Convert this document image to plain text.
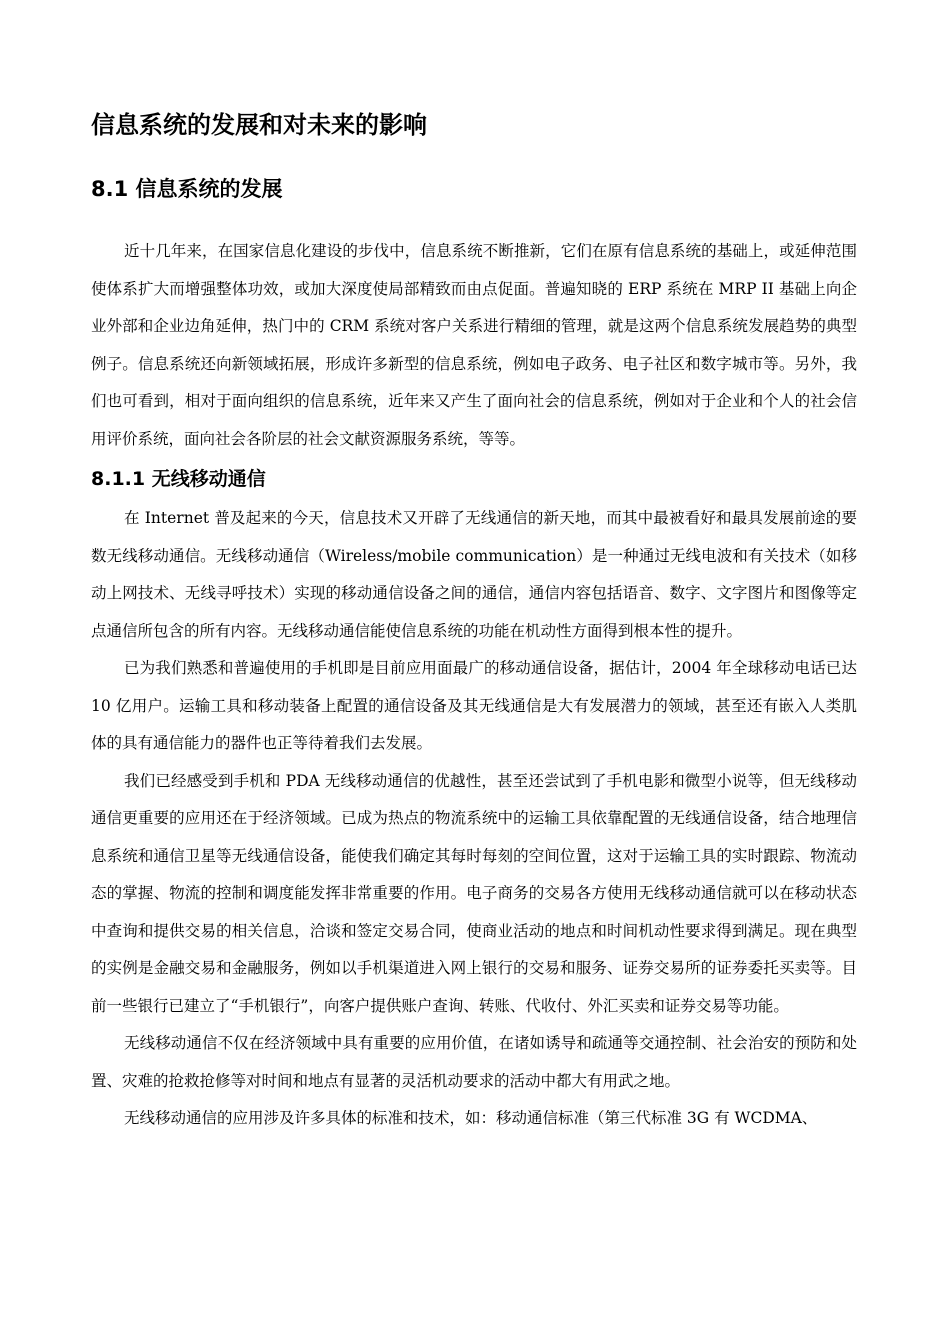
信息系统的发展和对未来的影响
8.1 信息系统的发展

近十几年来，在国家信息化建设的步伐中，信息系统不断推新，它们在原有信息系统的基础上，或延伸范围使体系扩大而增强整体功效，或加大深度使局部精致而由点促面。普遍知晓的 ERP 系统在 MRP II 基础上向企业外部和企业边角延伸，热门中的 CRM 系统对客户关系进行精细的管理，就是这两个信息系统发展趋势的典型例子。信息系统还向新领域拓展，形成许多新型的信息系统，例如电子政务、电子社区和数字城市等。另外，我们也可看到，相对于面向组织的信息系统，近年来又产生了面向社会的信息系统，例如对于企业和个人的社会信用评价系统，面向社会各阶层的社会文献资源服务系统，等等。

8.1.1 无线移动通信

在 Internet 普及起来的今天，信息技术又开辟了无线通信的新天地，而其中最被看好和最具发展前途的要数无线移动通信。无线移动通信（Wireless/mobile communication）是一种通过无线电波和有关技术（如移动上网技术、无线寻呼技术）实现的移动通信设备之间的通信，通信内容包括语音、数字、文字图片和图像等定点通信所包含的所有内容。无线移动通信能使信息系统的功能在机动性方面得到根本性的提升。

已为我们熟悉和普遍使用的手机即是目前应用面最广的移动通信设备，据估计，2004 年全球移动电话已达 10 亿用户。运输工具和移动装备上配置的通信设备及其无线通信是大有发展潜力的领域，甚至还有嵌入人类肌体的具有通信能力的器件也正等待着我们去发展。

我们已经感受到手机和 PDA 无线移动通信的优越性，甚至还尝试到了手机电影和微型小说等，但无线移动通信更重要的应用还在于经济领域。已成为热点的物流系统中的运输工具依靠配置的无线通信设备，结合地理信息系统和通信卫星等无线通信设备，能使我们确定其每时每刻的空间位置，这对于运输工具的实时跟踪、物流动态的掌握、物流的控制和调度能发挥非常重要的作用。电子商务的交易各方使用无线移动通信就可以在移动状态中查询和提供交易的相关信息，洽谈和签定交易合同，使商业活动的地点和时间机动性要求得到满足。现在典型的实例是金融交易和金融服务，例如以手机渠道进入网上银行的交易和服务、证券交易所的证券委托买卖等。目前一些银行已建立了“手机银行”，向客户提供账户查询、转账、代收付、外汇买卖和证券交易等功能。

无线移动通信不仅在经济领域中具有重要的应用价值，在诸如诱导和疏通等交通控制、社会治安的预防和处置、灾难的抢救抢修等对时间和地点有显著的灵活机动要求的活动中都大有用武之地。

无线移动通信的应用涉及许多具体的标准和技术，如：移动通信标准（第三代标准 3G 有 WCDMA、
